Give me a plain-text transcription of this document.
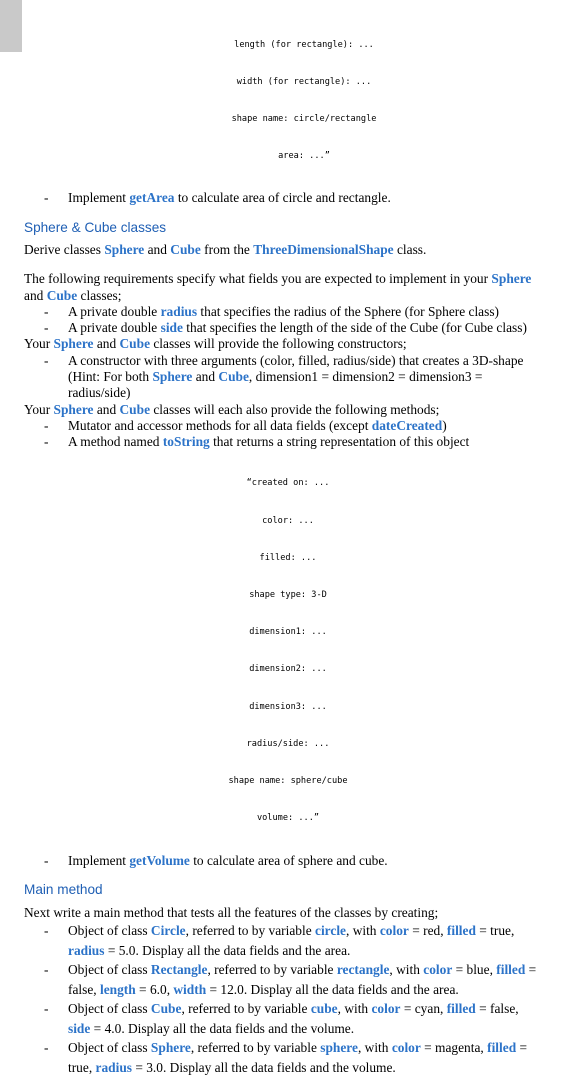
length (for rectangle): ...

width (for rectangle): ...

shape name: circle/rectangle

area: ...”

- Implement getArea to calculate area of circle and rectangle.

Sphere & Cube classes

Derive classes Sphere and Cube from the ThreeDimensionalShape class.

The following requirements specify what fields you are expected to implement in your Sphere and Cube classes;

- A private double radius that specifies the radius of the Sphere (for Sphere class)
- A private double side that specifies the length of the side of the Cube (for Cube class)

Your Sphere and Cube classes will provide the following constructors;

- A constructor with three arguments (color, filled, radius/side) that creates a 3D-shape (Hint: For both Sphere and Cube, dimension1 = dimension2 = dimension3 = radius/side)

Your Sphere and Cube classes will each also provide the following methods;

- Mutator and accessor methods for all data fields (except dateCreated)
- A method named toString that returns a string representation of this object

“created on: ...

color: ...

filled: ...

shape type: 3-D

dimension1: ...

dimension2: ...

dimension3: ...

radius/side: ...

shape name: sphere/cube

volume: ...”

- Implement getVolume to calculate area of sphere and cube.

Main method

Next write a main method that tests all the features of the classes by creating;

- Object of class Circle, referred to by variable circle, with color = red, filled = true, radius = 5.0. Display all the data fields and the area.
- Object of class Rectangle, referred to by variable rectangle, with color = blue, filled = false, length = 6.0, width = 12.0. Display all the data fields and the area.
- Object of class Cube, referred to by variable cube, with color = cyan, filled = false, side = 4.0. Display all the data fields and the volume.
- Object of class Sphere, referred to by variable sphere, with color = magenta, filled = true, radius = 3.0. Display all the data fields and the volume.
